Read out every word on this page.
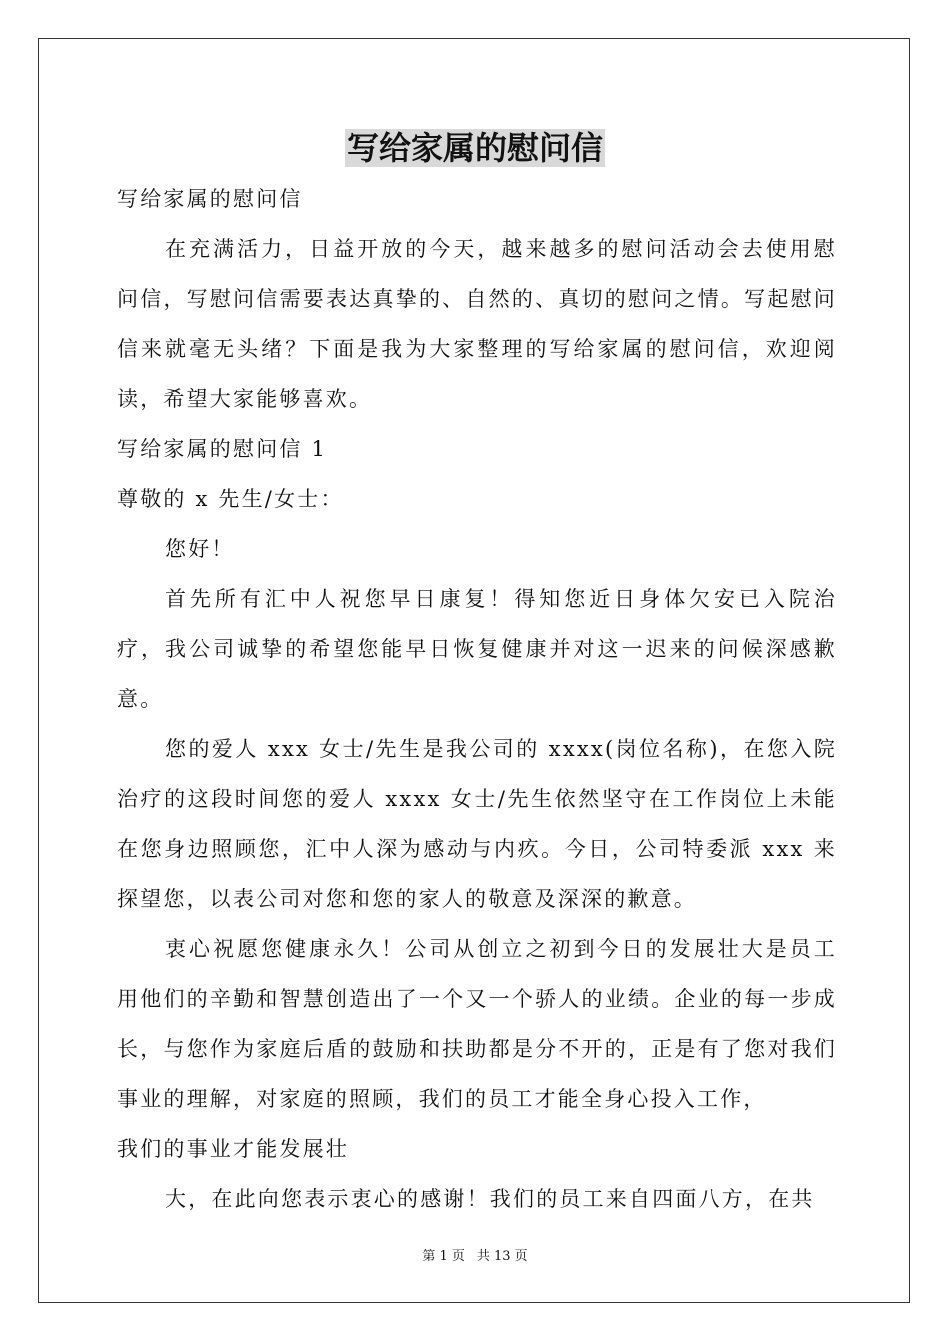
写给家属的慰问信

写给家属的慰问信

在充满活力，日益开放的今天，越来越多的慰问活动会去使用慰问信，写慰问信需要表达真挚的、自然的、真切的慰问之情。写起慰问信来就毫无头绪？下面是我为大家整理的写给家属的慰问信，欢迎阅读，希望大家能够喜欢。

写给家属的慰问信 1

尊敬的 x 先生/女士：

您好！

首先所有汇中人祝您早日康复！得知您近日身体欠安已入院治疗，我公司诚挚的希望您能早日恢复健康并对这一迟来的问候深感歉意。

您的爱人 xxx 女士/先生是我公司的 xxxx(岗位名称)，在您入院治疗的这段时间您的爱人 xxxx 女士/先生依然坚守在工作岗位上未能在您身边照顾您，汇中人深为感动与内疚。今日，公司特委派 xxx 来探望您，以表公司对您和您的家人的敬意及深深的歉意。

衷心祝愿您健康永久！公司从创立之初到今日的发展壮大是员工用他们的辛勤和智慧创造出了一个又一个骄人的业绩。企业的每一步成长，与您作为家庭后盾的鼓励和扶助都是分不开的，正是有了您对我们事业的理解，对家庭的照顾，我们的员工才能全身心投入工作，

我们的事业才能发展壮

大，在此向您表示衷心的感谢！我们的员工来自四面八方，在共

第 1 页 共 13 页
